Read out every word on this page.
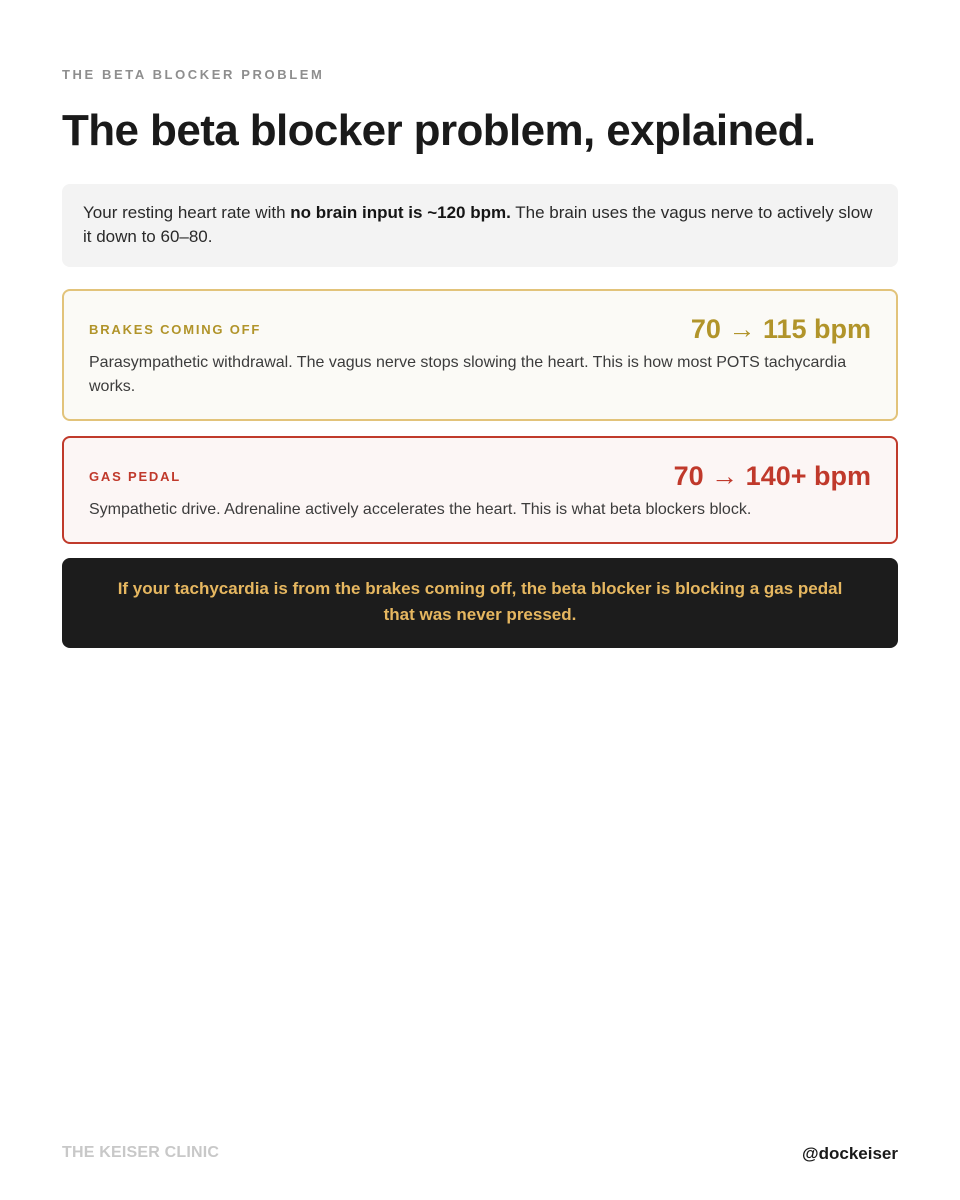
THE BETA BLOCKER PROBLEM
The beta blocker problem, explained.
Your resting heart rate with no brain input is ~120 bpm. The brain uses the vagus nerve to actively slow it down to 60–80.
BRAKES COMING OFF	70 → 115 bpm
Parasympathetic withdrawal. The vagus nerve stops slowing the heart. This is how most POTS tachycardia works.
GAS PEDAL	70 → 140+ bpm
Sympathetic drive. Adrenaline actively accelerates the heart. This is what beta blockers block.
If your tachycardia is from the brakes coming off, the beta blocker is blocking a gas pedal that was never pressed.
THE KEISER CLINIC	@dockeiser
